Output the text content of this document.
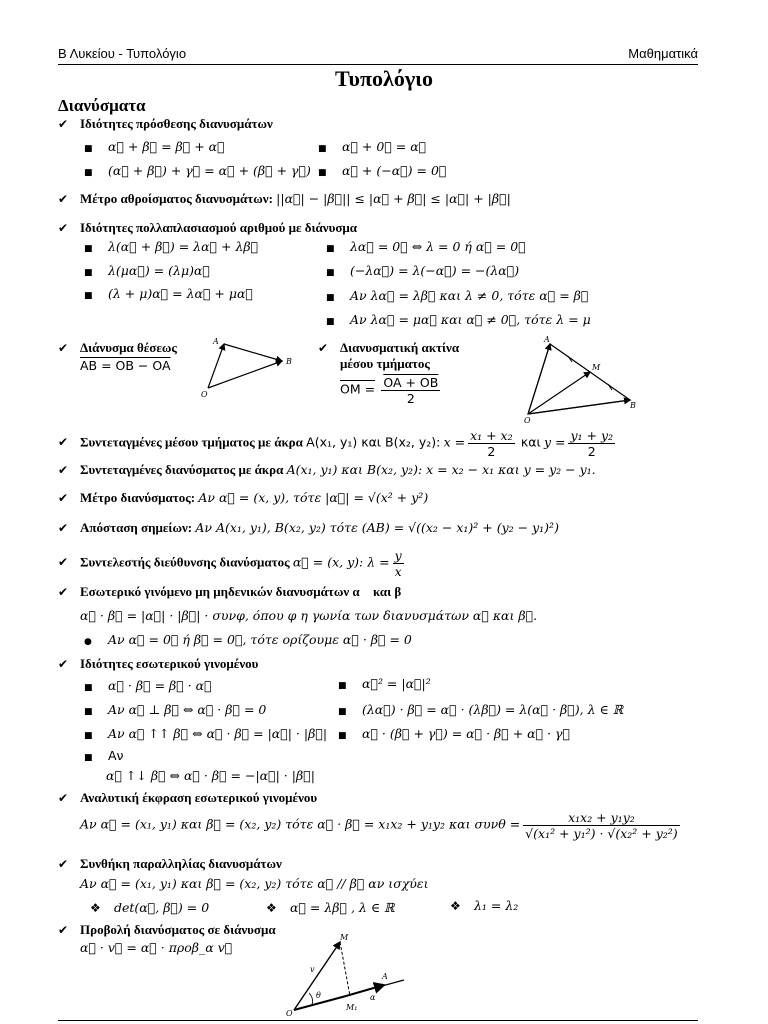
Β Λυκείου - Τυπολόγιο	Μαθηματικά
Τυπολόγιο
Διανύσματα
✔ Ιδιότητες πρόσθεσης διανυσμάτων
■ α⃗ + β⃗ = β⃗ + α⃗	■ α⃗ + 0⃗ = α⃗
■ (α⃗ + β⃗) + γ⃗ = α⃗ + (β⃗ + γ⃗) ■ α⃗ + (−α⃗) = 0⃗
✔ Μέτρο αθροίσματος διανυσμάτων: ||α⃗| − |β⃗|| ≤ |α⃗ + β⃗| ≤ |α⃗| + |β⃗|
✔ Ιδιότητες πολλαπλασιασμού αριθμού με διάνυσμα
■ λ(α⃗ + β⃗) = λα⃗ + λβ⃗	■ λα⃗ = 0⃗ ⇔ λ = 0 ή α⃗ = 0⃗
■ λ(μα⃗) = (λμ)α⃗	■ (−λα⃗) = λ(−α⃗) = −(λα⃗)
■ (λ + μ)α⃗ = λα⃗ + μα⃗	■ Αν λα⃗ = λβ⃗ και λ ≠ 0, τότε α⃗ = β⃗
■ Αν λα⃗ = μα⃗ και α⃗ ≠ 0⃗, τότε λ = μ
✔ Διάνυσμα θέσεως
AB = OB − OA
A
B
O
✔ Διανυσματική ακτίνα
μέσου τμήματος
OM = $\frac{OA + OB}{2}$
A
M
B
O
✔ Συντεταγμένες μέσου τμήματος με άκρα A(x₁, y₁) και B(x₂, y₂): $x = \frac{\text{x₁ + x₂}}{2}$ και $y = \frac{\text{y₁ + y₂}}{2}$
✔ Συντεταγμένες διανύσματος με άκρα A(x₁, y₁) και B(x₂, y₂): x = x₂ − x₁ και y = y₂ − y₁.
✔ Μέτρο διανύσματος: Αν α⃗ = (x, y), τότε |α⃗| = √(x² + y²)
✔ Απόσταση σημείων: Αν A(x₁, y₁), B(x₂, y₂) τότε (AB) = √((x₂ − x₁)² + (y₂ − y₁)²)
✔ Συντελεστής διεύθυνσης διανύσματος α⃗ = (x, y): $\lambda = \frac{y}{x}$
✔ Εσωτερικό γινόμενο μη μηδενικών διανυσμάτων α⃗ και β⃗
α⃗ · β⃗ = |α⃗| · |β⃗| · συνφ, όπου φ η γωνία των διανυσμάτων α⃗ και β⃗.
● Αν α⃗ = 0⃗ ή β⃗ = 0⃗, τότε ορίζουμε α⃗ · β⃗ = 0
✔ Ιδιότητες εσωτερικού γινομένου
■ α⃗ · β⃗ = β⃗ · α⃗	■ α⃗² = |α⃗|²
■ Αν α⃗ ⊥ β⃗ ⇔ α⃗ · β⃗ = 0	■ (λα⃗) · β⃗ = α⃗ · (λβ⃗) = λ(α⃗ · β⃗), λ ∈ ℝ
■ Αν α⃗ ↑↑ β⃗ ⇔ α⃗ · β⃗ = |α⃗| · |β⃗| ■ α⃗ · (β⃗ + γ⃗) = α⃗ · β⃗ + α⃗ · γ⃗
■ Αν
α⃗ ↑↓ β⃗ ⇔ α⃗ · β⃗ = −|α⃗| · |β⃗|
✔ Αναλυτική έκφραση εσωτερικού γινομένου
Αν α⃗ = (x₁, y₁) και β⃗ = (x₂, y₂) τότε α⃗ · β⃗ = x₁x₂ + y₁y₂ και $\sigma\upsilon\nu\theta = \frac{\text{x₁x₂ + y₁y₂}}{\text{√(x₁² + y₁²) · √(x₂² + y₂²)}}$
✔ Συνθήκη παραλληλίας διανυσμάτων
Αν α⃗ = (x₁, y₁) και β⃗ = (x₂, y₂) τότε α⃗ // β⃗ αν ισχύει
❖ det(α⃗, β⃗) = 0	❖ α⃗ = λβ⃗ , λ ∈ ℝ	❖ λ₁ = λ₂
✔ Προβολή διανύσματος σε διάνυσμα
α⃗ · v⃗ = α⃗ · προβ_α v⃗
M
v
θ
A
O
M₁
α
